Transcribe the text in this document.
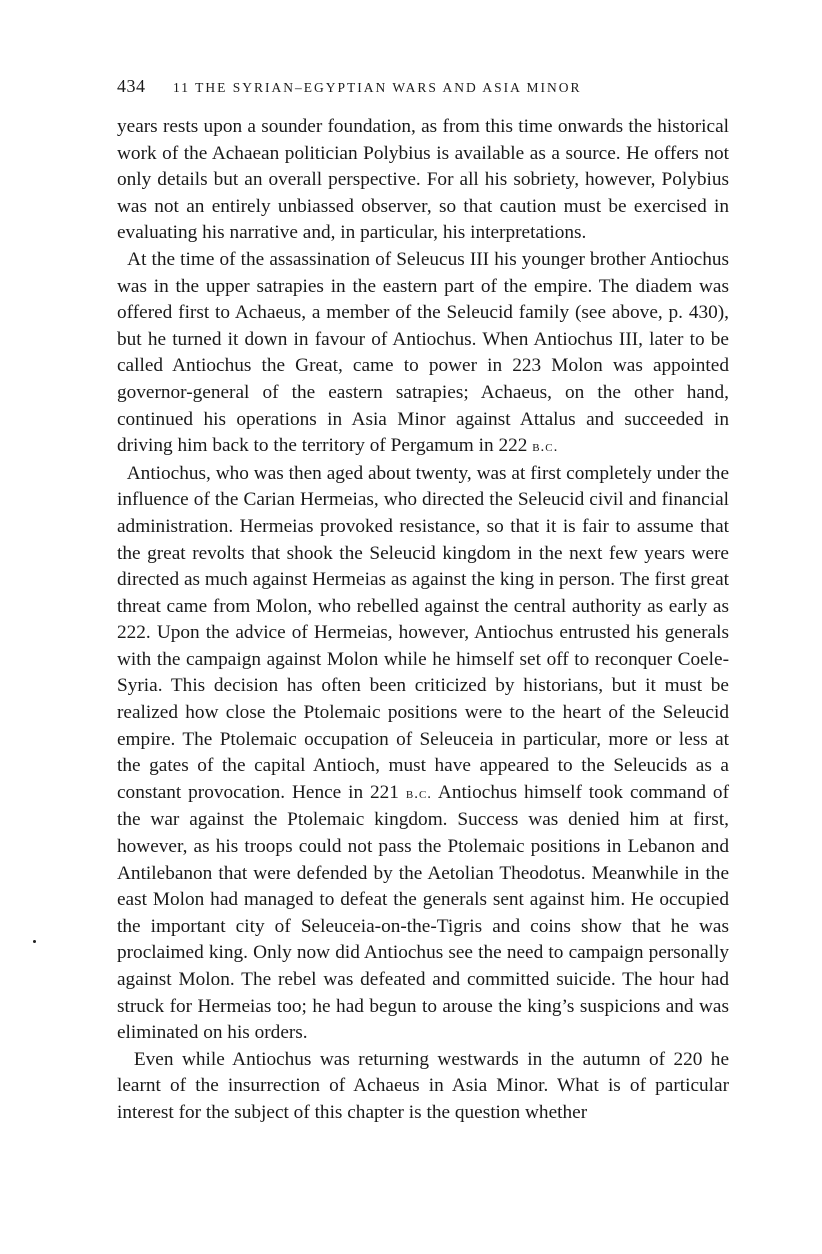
434	11 THE SYRIAN–EGYPTIAN WARS AND ASIA MINOR

years rests upon a sounder foundation, as from this time onwards the historical work of the Achaean politician Polybius is available as a source. He offers not only details but an overall perspective. For all his sobriety, however, Polybius was not an entirely unbiassed observer, so that caution must be exercised in evaluating his narrative and, in particular, his interpretations.

At the time of the assassination of Seleucus III his younger brother Antiochus was in the upper satrapies in the eastern part of the empire. The diadem was offered first to Achaeus, a member of the Seleucid family (see above, p. 430), but he turned it down in favour of Antiochus. When Antiochus III, later to be called Antiochus the Great, came to power in 223 Molon was appointed governor-general of the eastern satrapies; Achaeus, on the other hand, continued his operations in Asia Minor against Attalus and succeeded in driving him back to the territory of Pergamum in 222 b.c.

Antiochus, who was then aged about twenty, was at first completely under the influence of the Carian Hermeias, who directed the Seleucid civil and financial administration. Hermeias provoked resistance, so that it is fair to assume that the great revolts that shook the Seleucid kingdom in the next few years were directed as much against Hermeias as against the king in person. The first great threat came from Molon, who rebelled against the central authority as early as 222. Upon the advice of Hermeias, however, Antiochus entrusted his generals with the campaign against Molon while he himself set off to reconquer Coele-Syria. This decision has often been criticized by historians, but it must be realized how close the Ptolemaic positions were to the heart of the Seleucid empire. The Ptolemaic occupation of Seleuceia in particular, more or less at the gates of the capital Antioch, must have appeared to the Seleucids as a constant provocation. Hence in 221 b.c. Antiochus himself took command of the war against the Ptolemaic kingdom. Success was denied him at first, however, as his troops could not pass the Ptolemaic positions in Lebanon and Antilebanon that were defended by the Aetolian Theodotus. Meanwhile in the east Molon had managed to defeat the generals sent against him. He occupied the important city of Seleuceia-on-the-Tigris and coins show that he was proclaimed king. Only now did Antiochus see the need to campaign personally against Molon. The rebel was defeated and committed suicide. The hour had struck for Hermeias too; he had begun to arouse the king’s suspicions and was eliminated on his orders.

Even while Antiochus was returning westwards in the autumn of 220 he learnt of the insurrection of Achaeus in Asia Minor. What is of particular interest for the subject of this chapter is the question whether
